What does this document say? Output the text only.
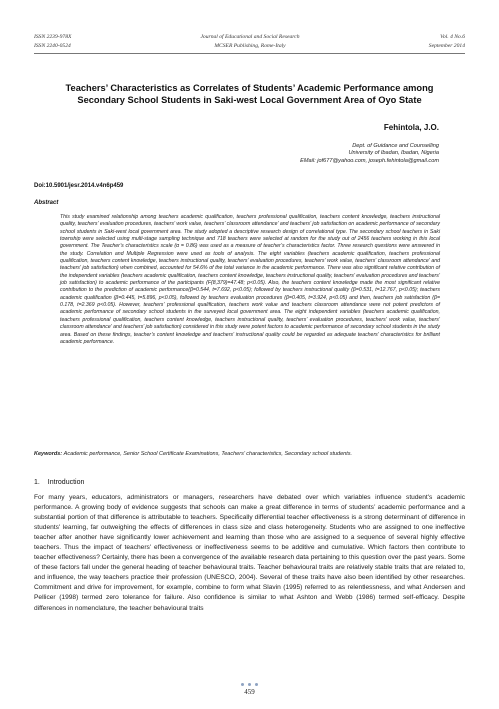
ISSN 2239-978X
ISSN 2240-0524
Journal of Educational and Social Research
MCSER Publishing, Rome-Italy
Vol. 4 No.6
September 2014
Teachers’ Characteristics as Correlates of Students’ Academic Performance among Secondary School Students in Saki-west Local Government Area of Oyo State
Fehintola, J.O.
Dept. of Guidance and Counselling
University of Ibadan, Ibadan, Nigeria
EMail: jof677@yahoo.com, joseph.fehintola@gmail.com
Doi:10.5901/jesr.2014.v4n6p459
Abstract
This study examined relationship among teachers academic qualification, teachers professional qualification, teachers content knowledge, teachers instructional quality, teachers’ evaluation procedures, teachers’ work value, teachers’ classroom attendance’ and teachers’ job satisfaction on academic performance of secondary school students in Saki-west local government area. The study adopted a descriptive research design of correlational type. The secondary school teachers in Saki township were selected using multi-stage sampling technique and 718 teachers were selected at random for the study out of 2456 teachers working in this local government. The Teacher’s characteristics scale (α = 0.86) was used as a measure of teacher’s characteristics factor. Three research questions were answered in the study. Correlation and Multiple Regression were used as tools of analysis. The eight variables (teachers academic qualification, teachers professional qualification, teachers content knowledge, teachers instructional quality, teachers’ evaluation procedures, teachers’ work value, teachers’ classroom attendance’ and teachers’ job satisfaction) when combined, accounted for 54.6% of the total variance in the academic performance. There was also significant relative contribution of the independent variables (teachers academic qualification, teachers content knowledge, teachers instructional quality, teachers’ evaluation procedures and teachers’ job satisfaction) to academic performance of the participants (F(8,379)=47.48; p<0.05). Also, the teachers content knowledge made the most significant relative contribution to the prediction of academic performance(β=0.544, t=7.692, p<0.05); followed by teachers instructional quality (β=0.531, t=12.767, p<0.05); teachers academic qualification (β=0.445, t=5.896, p<0.05), followed by teachers evaluation procedures (β=0.405, t=3.924, p<0.05) and then, teachers job satisfaction (β= 0.178, t=2.369 p<0.05). However, teachers’ professional qualification, teachers work value and teachers classroom attendance were not potent predictors of academic performance of secondary school students in the surveyed local government area. The eight independent variables (teachers academic qualification, teachers professional qualification, teachers content knowledge, teachers instructional quality, teachers’ evaluation procedures, teachers’ work value, teachers’ classroom attendance’ and teachers’ job satisfaction) considered in this study were potent factors to academic performance of secondary school students in the study area. Based on these findings, teacher’s content knowledge and teachers’ instructional quality could be regarded as adequate teachers’ characteristics for brilliant academic performance.
Keywords: Academic performance, Senior School Certificate Examinations, Teachers’ characteristics, Secondary school students.
1. Introduction
For many years, educators, administrators or managers, researchers have debated over which variables influence student's academic performance. A growing body of evidence suggests that schools can make a great difference in terms of students’ academic performance and a substantial portion of that difference is attributable to teachers. Specifically differential teacher effectiveness is a strong determinant of difference in students' learning, far outweighing the effects of differences in class size and class heterogeneity. Students who are assigned to one ineffective teacher after another have significantly lower achievement and learning than those who are assigned to a sequence of several highly effective teachers. Thus the impact of teachers' effectiveness or ineffectiveness seems to be additive and cumulative. Which factors then contribute to teacher effectiveness? Certainly, there has been a convergence of the available research data pertaining to this question over the past years. Some of these factors fall under the general heading of teacher behavioural traits. Teacher behavioural traits are relatively stable traits that are related to, and influence, the way teachers practice their profession (UNESCO, 2004). Several of these traits have also been identified by other researches. Commitment and drive for improvement, for example, combine to form what Slavin (1995) referred to as relentlessness, and what Andersen and Pellicer (1998) termed zero tolerance for failure. Also confidence is similar to what Ashton and Webb (1986) termed self-efficacy. Despite differences in nomenclature, the teacher behavioural traits

459
